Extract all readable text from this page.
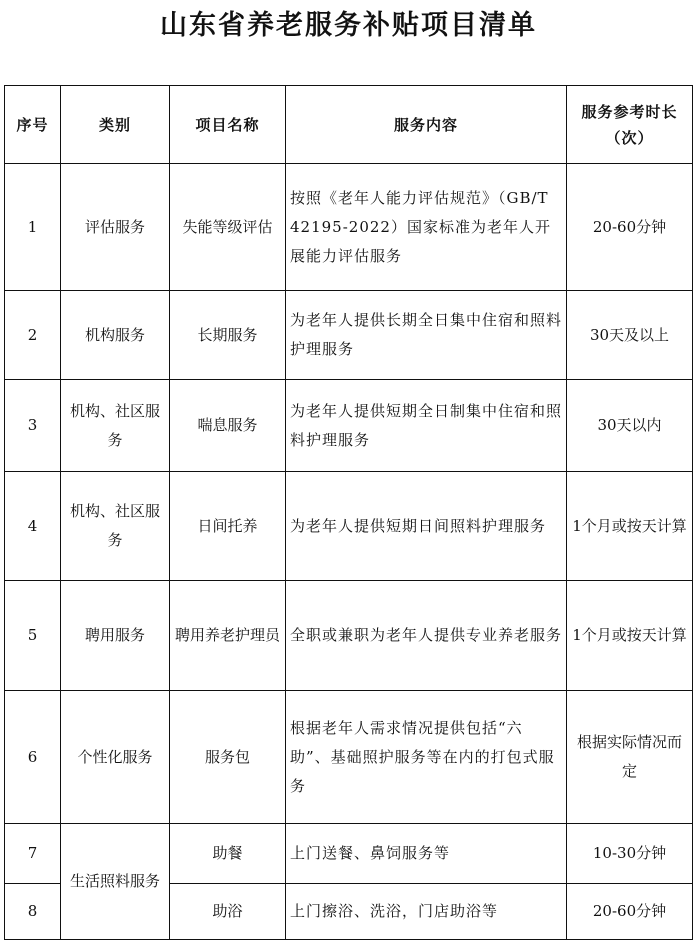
山东省养老服务补贴项目清单
序号	类别	项目名称	服务内容	服务参考时长（次）
1	评估服务	失能等级评估	按照《老年人能力评估规范》（GB/T 42195-2022）国家标准为老年人开展能力评估服务	20-60分钟
2	机构服务	长期服务	为老年人提供长期全日集中住宿和照料护理服务	30天及以上
3	机构、社区服务	喘息服务	为老年人提供短期全日制集中住宿和照料护理服务	30天以内
4	机构、社区服务	日间托养	为老年人提供短期日间照料护理服务	1个月或按天计算
5	聘用服务	聘用养老护理员	全职或兼职为老年人提供专业养老服务	1个月或按天计算
6	个性化服务	服务包	根据老年人需求情况提供包括“六助”、基础照护服务等在内的打包式服务	根据实际情况而定
7	生活照料服务	助餐	上门送餐、鼻饲服务等	10-30分钟
8		助浴	上门擦浴、洗浴，门店助浴等	20-60分钟
